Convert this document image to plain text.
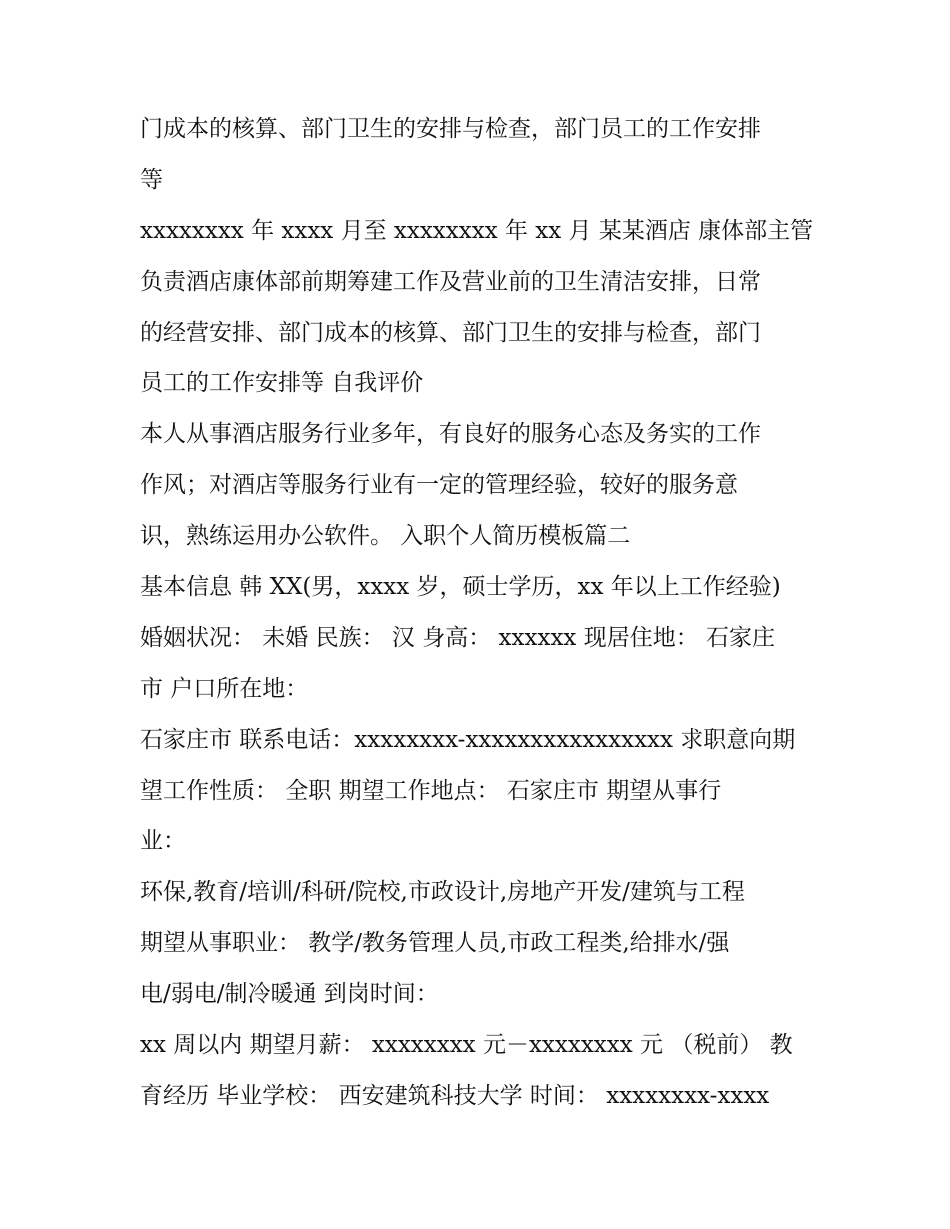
门成本的核算、部门卫生的安排与检查，部门员工的工作安排
等
xxxxxxxx 年 xxxx 月至 xxxxxxxx 年 xx 月 某某酒店 康体部主管
负责酒店康体部前期筹建工作及营业前的卫生清洁安排，日常
的经营安排、部门成本的核算、部门卫生的安排与检查，部门
员工的工作安排等 自我评价
本人从事酒店服务行业多年，有良好的服务心态及务实的工作
作风；对酒店等服务行业有一定的管理经验，较好的服务意
识，熟练运用办公软件。 入职个人简历模板篇二
基本信息 韩 XX(男，xxxx 岁，硕士学历，xx 年以上工作经验)
婚姻状况： 未婚 民族： 汉 身高： xxxxxx 现居住地： 石家庄
市 户口所在地：
石家庄市 联系电话：xxxxxxxx-xxxxxxxxxxxxxxxx 求职意向期
望工作性质： 全职 期望工作地点： 石家庄市 期望从事行
业：
环保,教育/培训/科研/院校,市政设计,房地产开发/建筑与工程
期望从事职业： 教学/教务管理人员,市政工程类,给排水/强
电/弱电/制冷暖通 到岗时间：
xx 周以内 期望月薪： xxxxxxxx 元－xxxxxxxx 元 （税前） 教
育经历 毕业学校： 西安建筑科技大学 时间： xxxxxxxx-xxxx
